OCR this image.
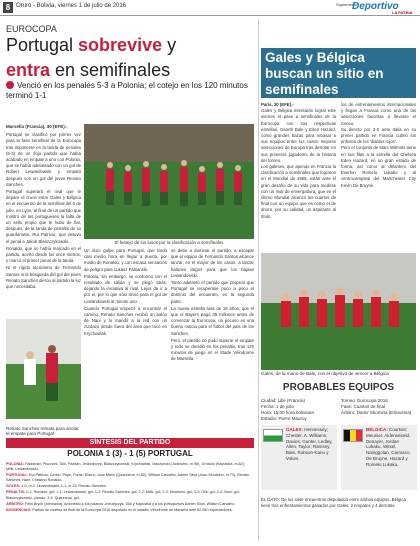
8 Oruro - Bolivia, viernes 1 de julio de 2016	Suplemento
Deportivo
LA PATRIA
EUROCOPA
Portugal sobrevive y
entra en semifinales
Venció en los penales 5-3 a Polonia; el cotejo en los 120 minutos terminó 1-1

Marsella (Francia), 30 (EFE).-

Portugal se clasificó por primer vez para la fase semifinal de la Eurocopa tras imponerse en la tanda de penales (5-3) de un flojo partido que había acabado en empate a uno con Polonia, que se había adelantado con un gol de Robert Lewandowski y empató después con un gol del joven Renato Sanches.

Portugal superará el rival que le depare el cruce entre Gales y Bélgica en el encuentro de la semifinal del 6 de julio, en Lyon, al final de un partido que mostró de los portugueses la falta de un sello propio que le hubo de fiar, después, de la tanda de penaltis de su guardameta, Rui Patricio, que detuvo el penal a Jakub Blaszczykowski.

Ronaldo, que no había marcado en el partido, acertó desde los once metros, y marcó el primer penal de la tanda.

Ni el rígido tacticismo de Fernando Santos ni la búsqueda del gol del joven Renato Sanches dieron al partido la luz que necesitaba.

El festejo de los lusos por la clasificación a semifinales

Un duro golpe para Portugal, que tardó casi medio hora en llegar a puerta, por medio de Ronaldo, y con escasa sensación de peligro para Lukasz Fabianski.

Polonia, sin embargo, se conformó con el resultado de salida y se plegó atrás, dejando la iniciativa al rival. Lejos de ir a por el, por lo que sólo sirvió para el gol de Lewandowski al minuto uno.

Cuando Portugal empezó a encontrar el camino, Renato Sanches recibió un balón de Nani y lo mandó a la red con un zurdazo desde fuera del área que tocó en Krychowiak.

se debe a dominar el partido, a escapar que el equipo de Fernando Santos alcance lanzar, en el mayor de los casos, a lanzar balones largos para que los bajase Lewandowski.

Tanto adelantó el partido que propició que Portugal se recuperase poco a poco el dominio del encuentro, en la segunda parte.

La nueva estrella lusa de 18 años, que el que el Bayern pagó 35 millones antes de comenzar la Eurocopa, un pecoso es una buena noticia para el fútbol del país de los Sanches.

Pero, el partido no pudo superar el empate y todo se decidió en los penaltis, tras 120 minutos de juego en el Stade Vélodrome de Marsella.

Renato Sanches remata para anotar el empate para Portugal
SÍNTESIS DEL PARTIDO
POLONIA 1 (3) - 1 (5) PORTUGAL

POLONIA: Fabianski; Piszczek, Glik, Pazdan, Jedrzejczyk; Blaszczykowski, Krychowiak, Maczynski (Jodlowiec, m.98), Grosicki (Kapustka, m.82); Milik, Lewandowski.

PORTUGAL: Rui Patricio; Cédric, Pepe, Fonte, Eliseu; Joao Mario (Quaresma, m.80), William Carvalho, Adrien Silva (Joao Moutinho, m.73), Renato Sanches; Nani, Cristiano Ronaldo.

GOLES: 1-0, m.2: Lewandowski; 1-1, m.33: Renato Sanches.

PENALTIS: 0-1: Ronaldo, gol; 1-1: Lewandowski, gol; 1-2: Renato Sanches, gol; 2-2: Milik, gol; 2-3: Moutinho, gol; 3-3: Glik, gol; 3-4: Nani, gol; Blaszczykowski, parado; 3-5: Quaresma, gol.

ÁRBITRO: Felix Brych (Alemania). Amonestó a los polacos Jedrzejczyk, Glik y Kapustka y a los portugueses Adrien Silva, William Carvalho.

INCIDENCIAS: Partido de cuartos de final de la Eurocopa 2016 disputado en el estadio Vélodrome de Marsella ante 62.940 espectadores.

Gales y Bélgica buscan un sitio en semifinales

París, 30 (EFE).-

Gales y Bélgica intentarán lograr este viernes el pase a semifinales de la Eurocopa con sus respectivas estrellas, Gareth Bale y Eden Hazard, como grandes bazas para rebasar a sus equipos entre los cuatro mejores selecciones de Europa tras derrotar en sus primeros jugadores de la historia del torneo.

Los galeses, que apenas en Francia la clasificación a semifinales que lograron en el Mundial de 1958, están ante el gran desafío de su vida para medirse con un rival de envergadura, que en el último Mundial alcanzó los cuartos de final con un equipo que es como el de ahora, por su calidad, un aspirante al título.

los de entrenamientos internacionales y llegan a Francia como una de las selecciones favoritas a llevarse el torneo.

Su directo por 3-0 ante Italia en su primer partido en Francia cubrió los anhelos de los 'diablos rojos'.

Pero el conjunto de Marc Wilmots tiene en sus filas a la estrella del Chelsea Eden Hazard, en un gran estado de forma, así como al delantero del Everton Romelu Lukaku y al centrocampista del Manchester City Kevin De Bruyne.

Gales, de la mano de Bale, con el objetivo de vencer a Bélgica
PROBABLES EQUIPOS
Ciudad: Lille (Francia)
Fecha: 1 de julio
Hora: 15:00 hora boliviana
Estadio: Pierre Mauroy
Torneo: Eurocopa 2016
Fase: Cuartos de final
Árbitro: Damir Skomina (Eslovenia)
GALES: Hennessey; Chester, A. Williams, Davies; Gunter, Ledley, Allen, Taylor; Ramsey, Bale, Robson-Kanu y Vokes.
BÉLGICA: Courtois; Meunier, Alderweireld, Denayer, Jordan Lukaku, Witsel, Nainggolan, Carrasco, De Bruyne, Hazard y Romelu Lukaku.
EL DATO: De los siete encuentros disputados entre ambos equipos, Bélgica tiene tres enfrentamientos ganados por Gales, 2 empates y 4 derrotas.
